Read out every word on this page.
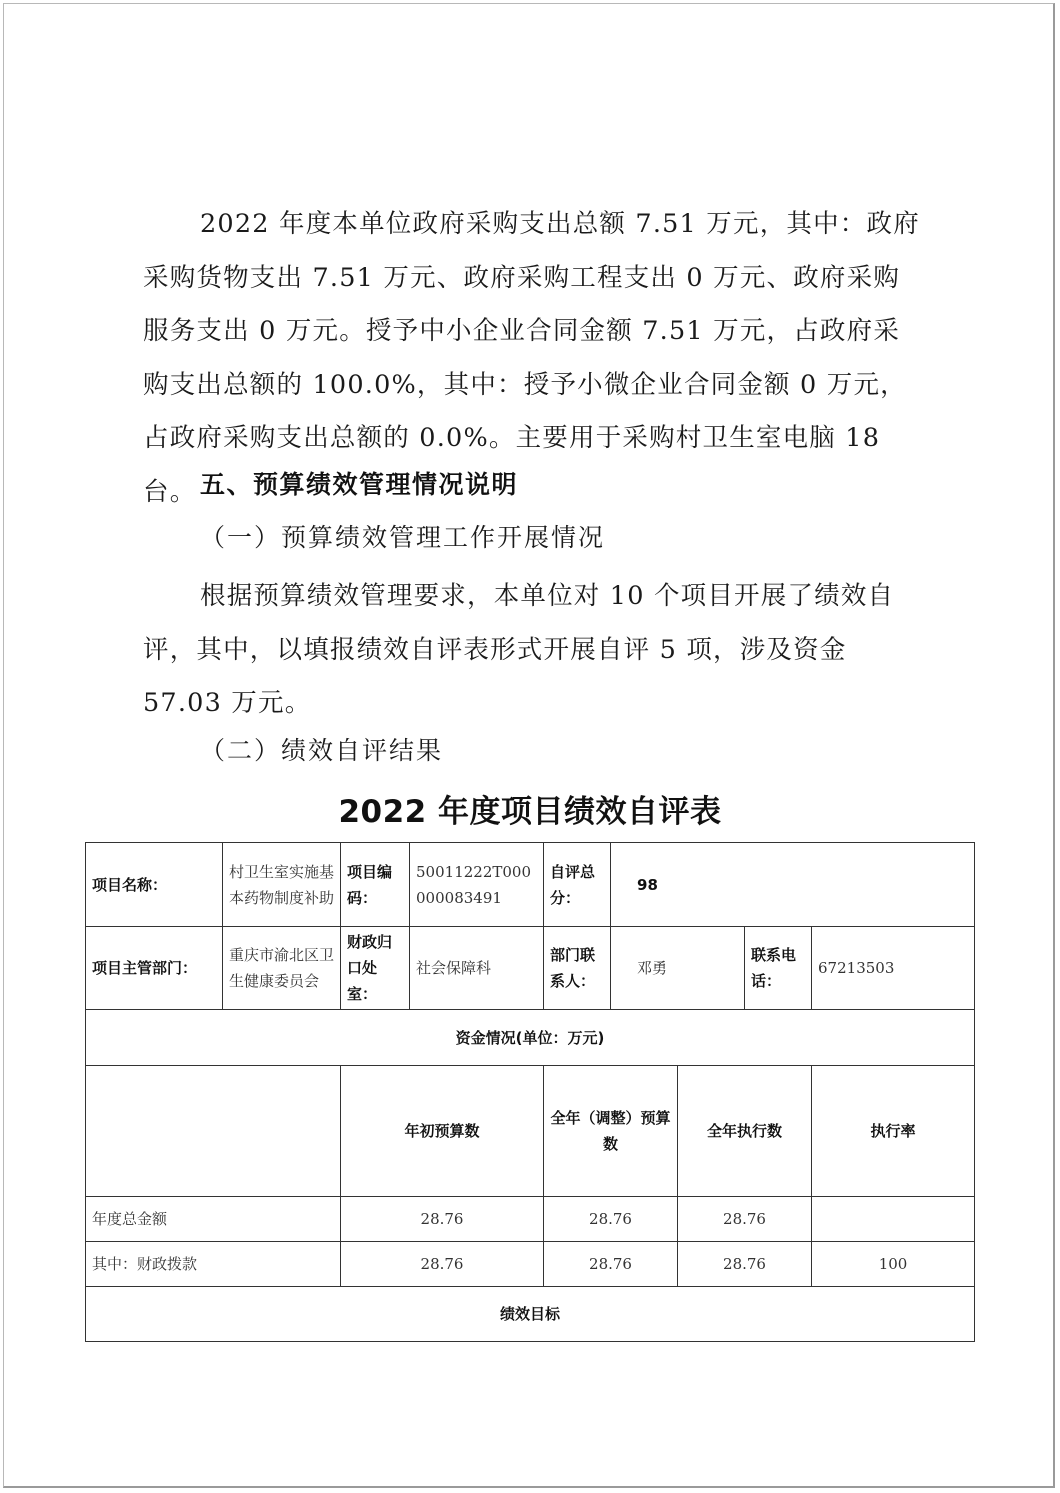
2022 年度本单位政府采购支出总额 7.51 万元，其中：政府采购货物支出 7.51 万元、政府采购工程支出 0 万元、政府采购服务支出 0 万元。授予中小企业合同金额 7.51 万元，占政府采购支出总额的 100.0%，其中：授予小微企业合同金额 0 万元，占政府采购支出总额的 0.0%。主要用于采购村卫生室电脑 18 台。 五、预算绩效管理情况说明
（一）预算绩效管理工作开展情况

根据预算绩效管理要求，本单位对 10 个项目开展了绩效自评，其中，以填报绩效自评表形式开展自评 5 项，涉及资金 57.03 万元。

（二）绩效自评结果
2022 年度项目绩效自评表
项目名称：	村卫生室实施基本药物制度补助	项目编码：	50011222T000000083491	自评总分：	98				
项目主管部门：	重庆市渝北区卫生健康委员会	财政归口处室：	社会保障科	部门联系人：	邓勇		联系电话：	67213503	
资金情况(单位：万元)									
		年初预算数		全年（调整）预算数		全年执行数		执行率	
年度总金额		28.76		28.76		28.76			
其中：财政拨款		28.76		28.76		28.76		100	
绩效目标									
